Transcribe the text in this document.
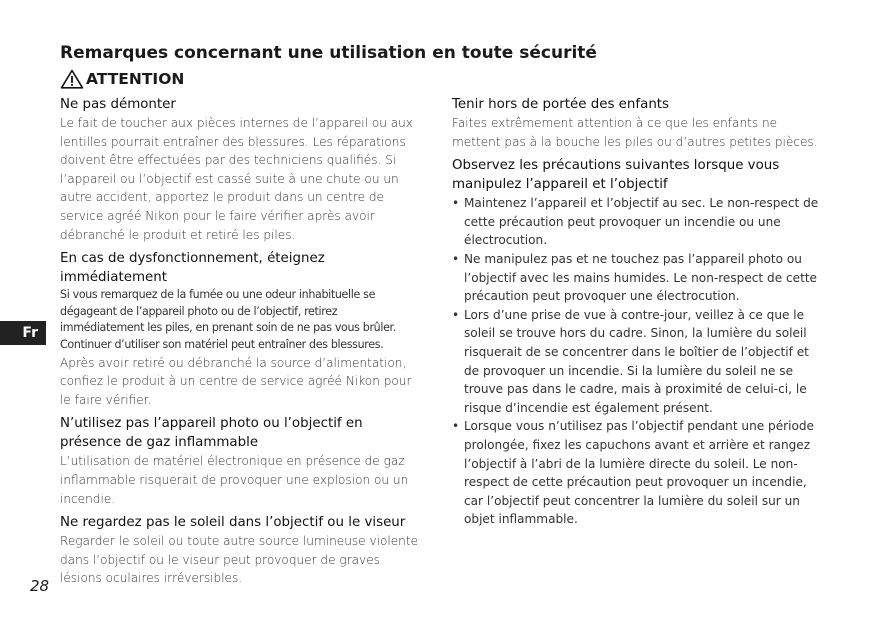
Remarques concernant une utilisation en toute sécurité
ATTENTION
Ne pas démonter
Le fait de toucher aux pièces internes de l’appareil ou aux lentilles pourrait entraîner des blessures. Les réparations doivent être effectuées par des techniciens qualifiés. Si l’appareil ou l’objectif est cassé suite à une chute ou un autre accident, apportez le produit dans un centre de service agréé Nikon pour le faire vérifier après avoir débranché le produit et retiré les piles.
En cas de dysfonctionnement, éteignez immédiatement
Si vous remarquez de la fumée ou une odeur inhabituelle se dégageant de l’appareil photo ou de l’objectif, retirez immédiatement les piles, en prenant soin de ne pas vous brûler. Continuer d’utiliser son matériel peut entraîner des blessures.
Après avoir retiré ou débranché la source d’alimentation, confiez le produit à un centre de service agréé Nikon pour le faire vérifier.
N’utilisez pas l’appareil photo ou l’objectif en présence de gaz inflammable
L’utilisation de matériel électronique en présence de gaz inflammable risquerait de provoquer une explosion ou un incendie.
Ne regardez pas le soleil dans l’objectif ou le viseur
Regarder le soleil ou toute autre source lumineuse violente dans l’objectif ou le viseur peut provoquer de graves lésions oculaires irréversibles.
Tenir hors de portée des enfants
Faites extrêmement attention à ce que les enfants ne mettent pas à la bouche les piles ou d’autres petites pièces.
Observez les précautions suivantes lorsque vous manipulez l’appareil et l’objectif
• Maintenez l’appareil et l’objectif au sec. Le non-respect de cette précaution peut provoquer un incendie ou une électrocution.
• Ne manipulez pas et ne touchez pas l’appareil photo ou l’objectif avec les mains humides. Le non-respect de cette précaution peut provoquer une électrocution.
• Lors d’une prise de vue à contre-jour, veillez à ce que le soleil se trouve hors du cadre. Sinon, la lumière du soleil risquerait de se concentrer dans le boîtier de l’objectif et de provoquer un incendie. Si la lumière du soleil ne se trouve pas dans le cadre, mais à proximité de celui-ci, le risque d’incendie est également présent.
• Lorsque vous n’utilisez pas l’objectif pendant une période prolongée, fixez les capuchons avant et arrière et rangez l’objectif à l’abri de la lumière directe du soleil. Le non-respect de cette précaution peut provoquer un incendie, car l’objectif peut concentrer la lumière du soleil sur un objet inflammable.
Fr
28
